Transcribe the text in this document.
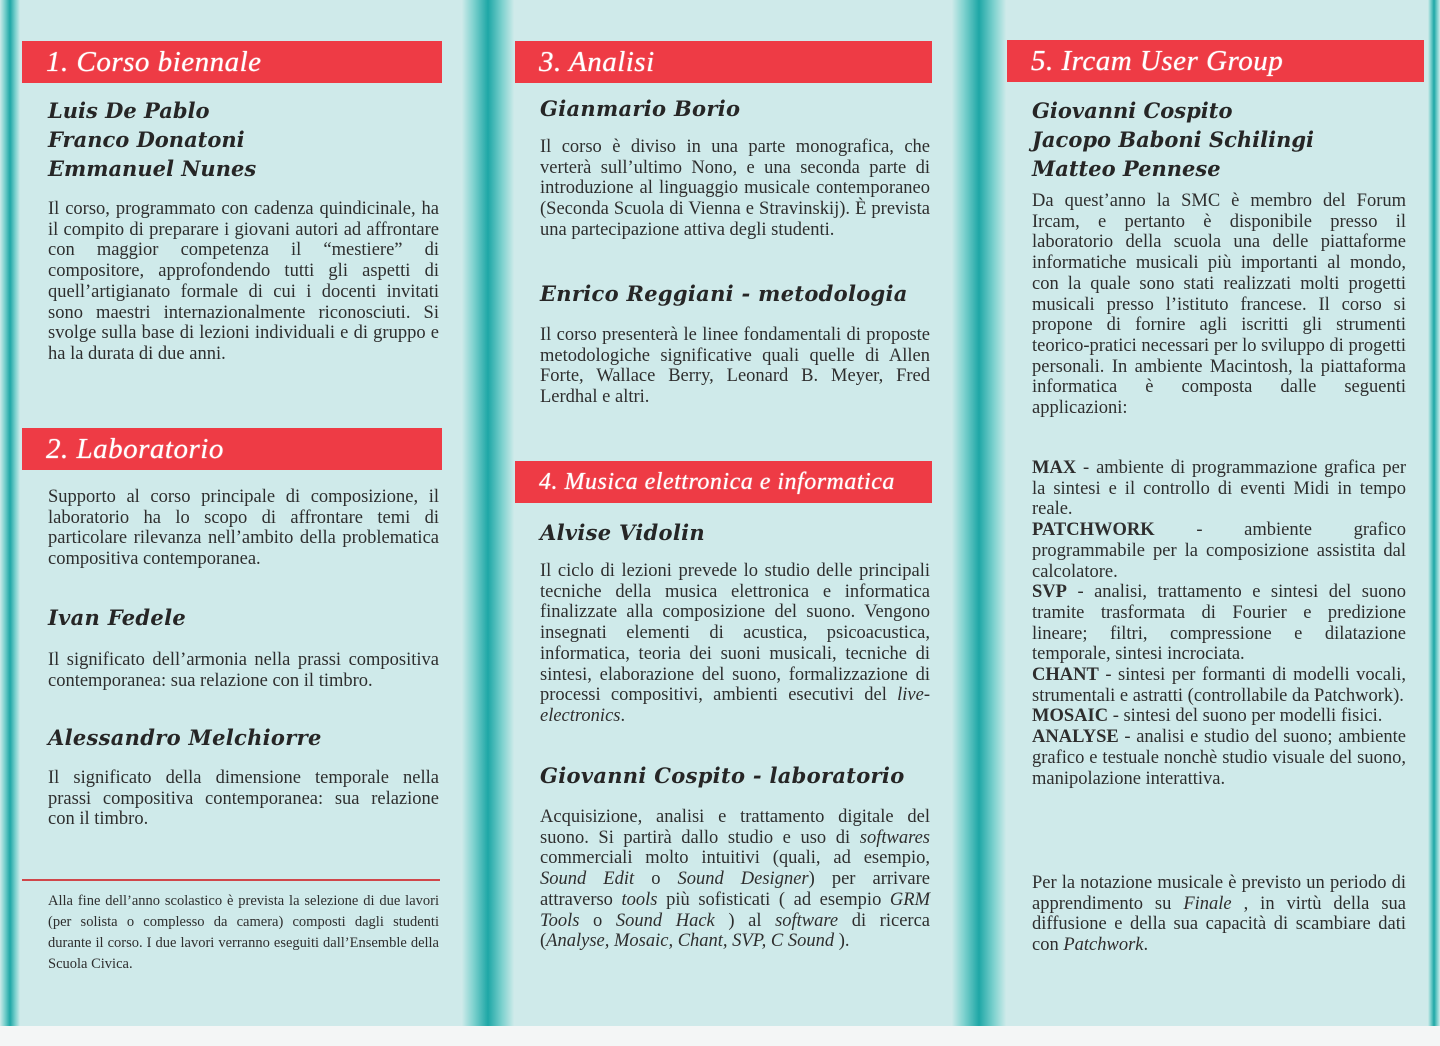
1. Corso biennale
Luis De Pablo
Franco Donatoni
Emmanuel Nunes
Il corso, programmato con cadenza quindicinale, ha il compito di preparare i giovani autori ad affrontare con maggior competenza il “mestiere” di compositore, approfondendo tutti gli aspetti di quell’artigianato formale di cui i docenti invitati sono maestri internazionalmente riconosciuti. Si svolge sulla base di lezioni individuali e di gruppo e ha la durata di due anni.
2. Laboratorio
Supporto al corso principale di composizione, il laboratorio ha lo scopo di affrontare temi di particolare rilevanza nell’ambito della problematica compositiva contemporanea.
Ivan Fedele
Il significato dell’armonia nella prassi compositiva contemporanea: sua relazione con il timbro.
Alessandro Melchiorre
Il significato della dimensione temporale nella prassi compositiva contemporanea: sua relazione con il timbro.
Alla fine dell’anno scolastico è prevista la selezione di due lavori (per solista o complesso da camera) composti dagli studenti durante il corso. I due lavori verranno eseguiti dall’Ensemble della Scuola Civica.
3. Analisi
Gianmario Borio
Il corso è diviso in una parte monografica, che verterà sull’ultimo Nono, e una seconda parte di introduzione al linguaggio musicale contemporaneo (Seconda Scuola di Vienna e Stravinskij). È prevista una partecipazione attiva degli studenti.
Enrico Reggiani - metodologia
Il corso presenterà le linee fondamentali di proposte metodologiche significative quali quelle di Allen Forte, Wallace Berry, Leonard B. Meyer, Fred Lerdhal e altri.
4. Musica elettronica e informatica
Alvise Vidolin
Il ciclo di lezioni prevede lo studio delle principali tecniche della musica elettronica e informatica finalizzate alla composizione del suono. Vengono insegnati elementi di acustica, psicoacustica, informatica, teoria dei suoni musicali, tecniche di sintesi, elaborazione del suono, formalizzazione di processi compositivi, ambienti esecutivi del live-electronics.
Giovanni Cospito - laboratorio
Acquisizione, analisi e trattamento digitale del suono. Si partirà dallo studio e uso di softwares commerciali molto intuitivi (quali, ad esempio, Sound Edit o Sound Designer) per arrivare attraverso tools più sofisticati ( ad esempio GRM Tools o Sound Hack ) al software di ricerca (Analyse, Mosaic, Chant, SVP, C Sound ).
5. Ircam User Group
Giovanni Cospito
Jacopo Baboni Schilingi
Matteo Pennese
Da quest’anno la SMC è membro del Forum Ircam, e pertanto è disponibile presso il laboratorio della scuola una delle piattaforme informatiche musicali più importanti al mondo, con la quale sono stati realizzati molti progetti musicali presso l’istituto francese. Il corso si propone di fornire agli iscritti gli strumenti teorico-pratici necessari per lo sviluppo di progetti personali. In ambiente Macintosh, la piattaforma informatica è composta dalle seguenti applicazioni:
MAX - ambiente di programmazione grafica per la sintesi e il controllo di eventi Midi in tempo reale.
PATCHWORK - ambiente grafico programmabile per la composizione assistita dal calcolatore.
SVP - analisi, trattamento e sintesi del suono tramite trasformata di Fourier e predizione lineare; filtri, compressione e dilatazione temporale, sintesi incrociata.
CHANT - sintesi per formanti di modelli vocali, strumentali e astratti (controllabile da Patchwork).
MOSAIC - sintesi del suono per modelli fisici.
ANALYSE - analisi e studio del suono; ambiente grafico e testuale nonchè studio visuale del suono, manipolazione interattiva.
Per la notazione musicale è previsto un periodo di apprendimento su Finale , in virtù della sua diffusione e della sua capacità di scambiare dati con Patchwork.
